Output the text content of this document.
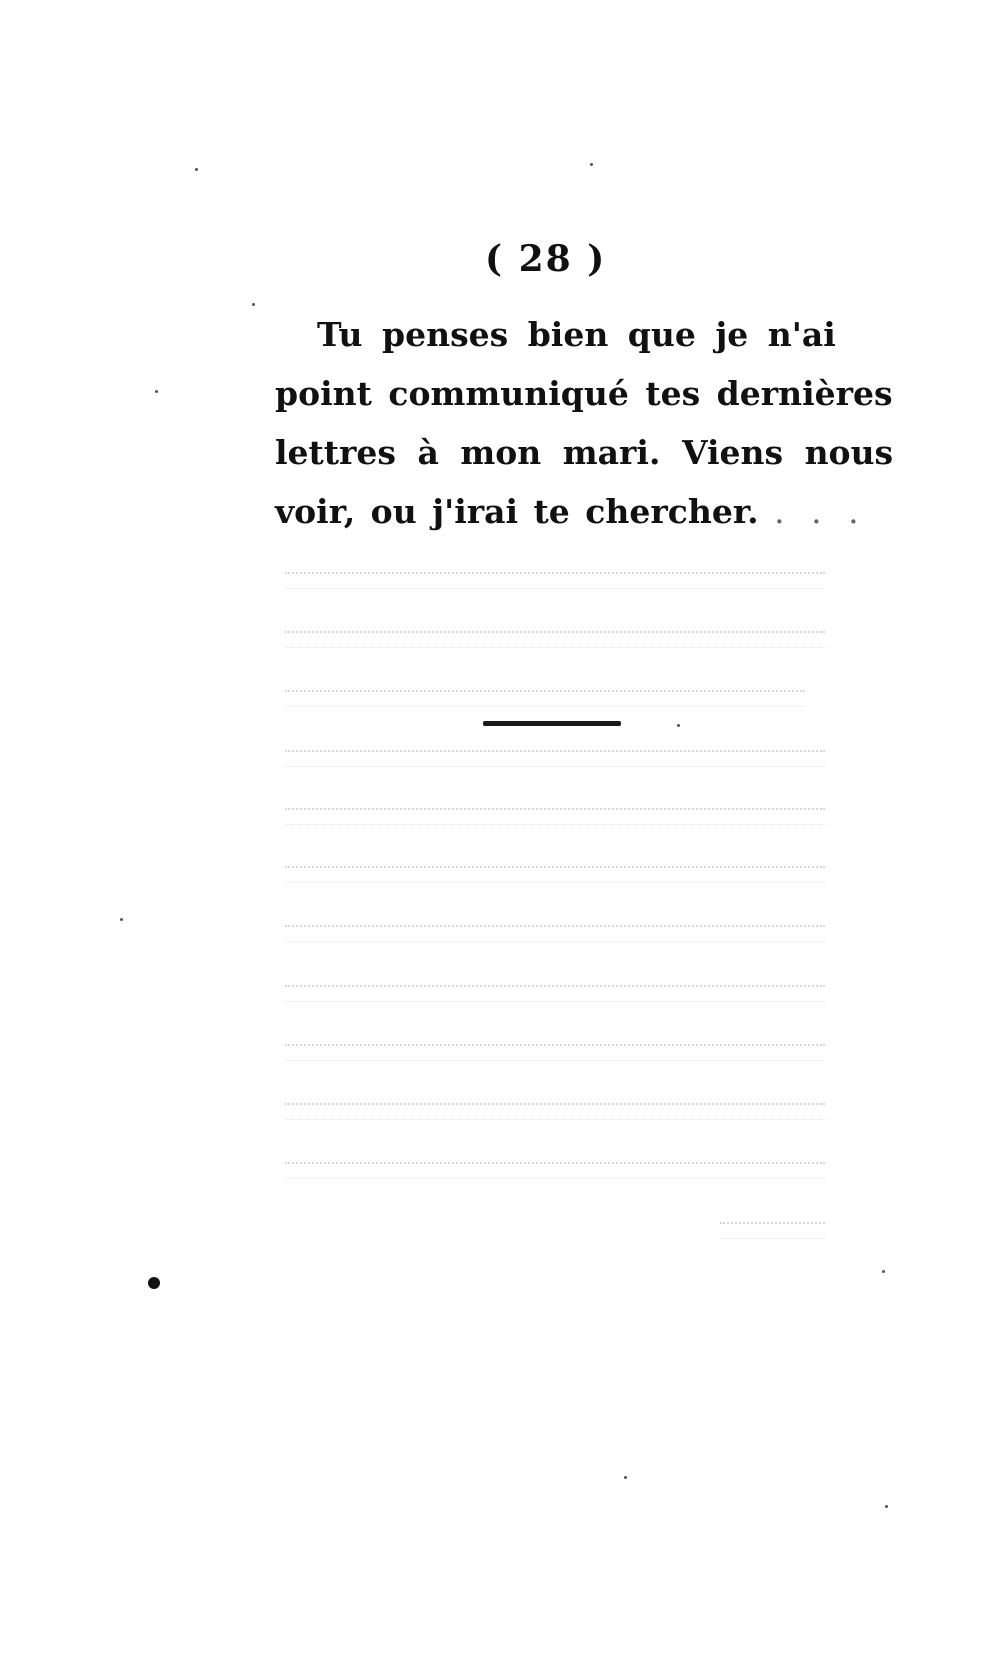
( 28 )
Tu penses bien que je n'ai
point communiqué tes dernières
lettres à mon mari. Viens nous
voir, ou j'irai te chercher. . . .
